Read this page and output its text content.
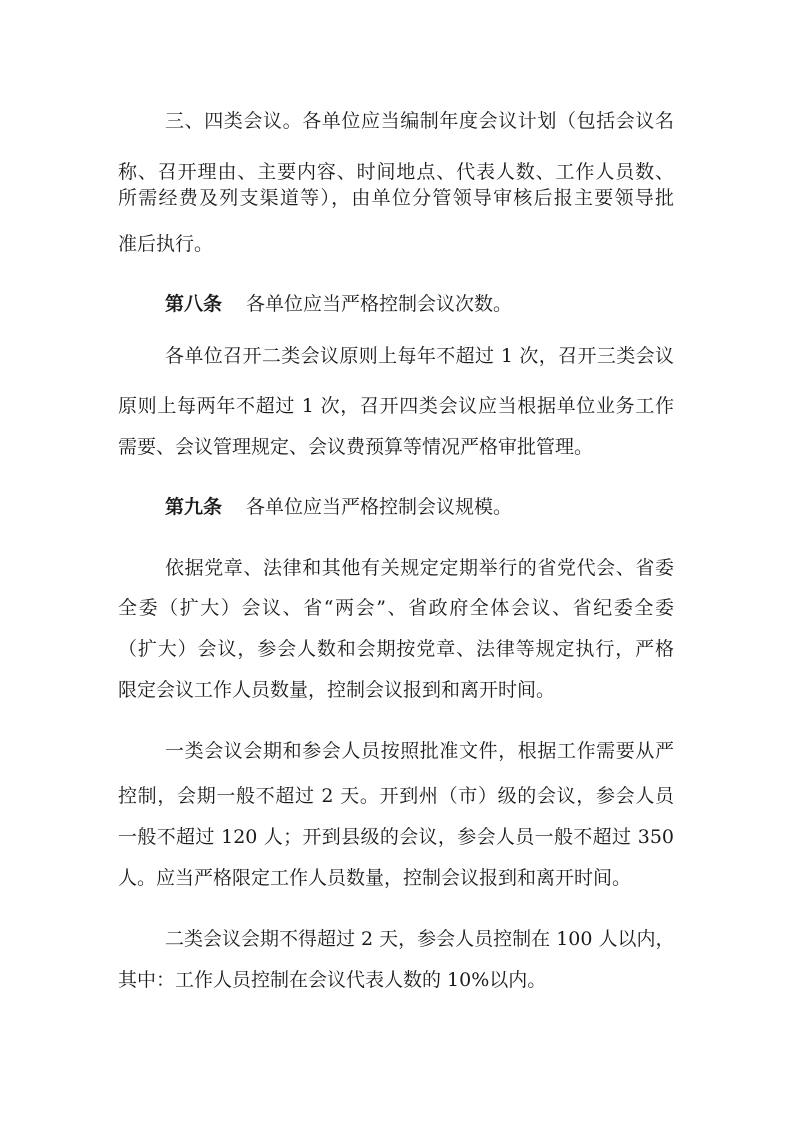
三、四类会议。各单位应当编制年度会议计划（包括会议名
称、召开理由、主要内容、时间地点、代表人数、工作人员数、
所需经费及列支渠道等），由单位分管领导审核后报主要领导批
准后执行。
第八条 各单位应当严格控制会议次数。
各单位召开二类会议原则上每年不超过 1 次，召开三类会议
原则上每两年不超过 1 次，召开四类会议应当根据单位业务工作
需要、会议管理规定、会议费预算等情况严格审批管理。
第九条 各单位应当严格控制会议规模。
依据党章、法律和其他有关规定定期举行的省党代会、省委
全委（扩大）会议、省“两会”、省政府全体会议、省纪委全委
（扩大）会议，参会人数和会期按党章、法律等规定执行，严格
限定会议工作人员数量，控制会议报到和离开时间。
一类会议会期和参会人员按照批准文件，根据工作需要从严
控制，会期一般不超过 2 天。开到州（市）级的会议，参会人员
一般不超过 120 人；开到县级的会议，参会人员一般不超过 350
人。应当严格限定工作人员数量，控制会议报到和离开时间。
二类会议会期不得超过 2 天，参会人员控制在 100 人以内，
其中：工作人员控制在会议代表人数的 10%以内。
